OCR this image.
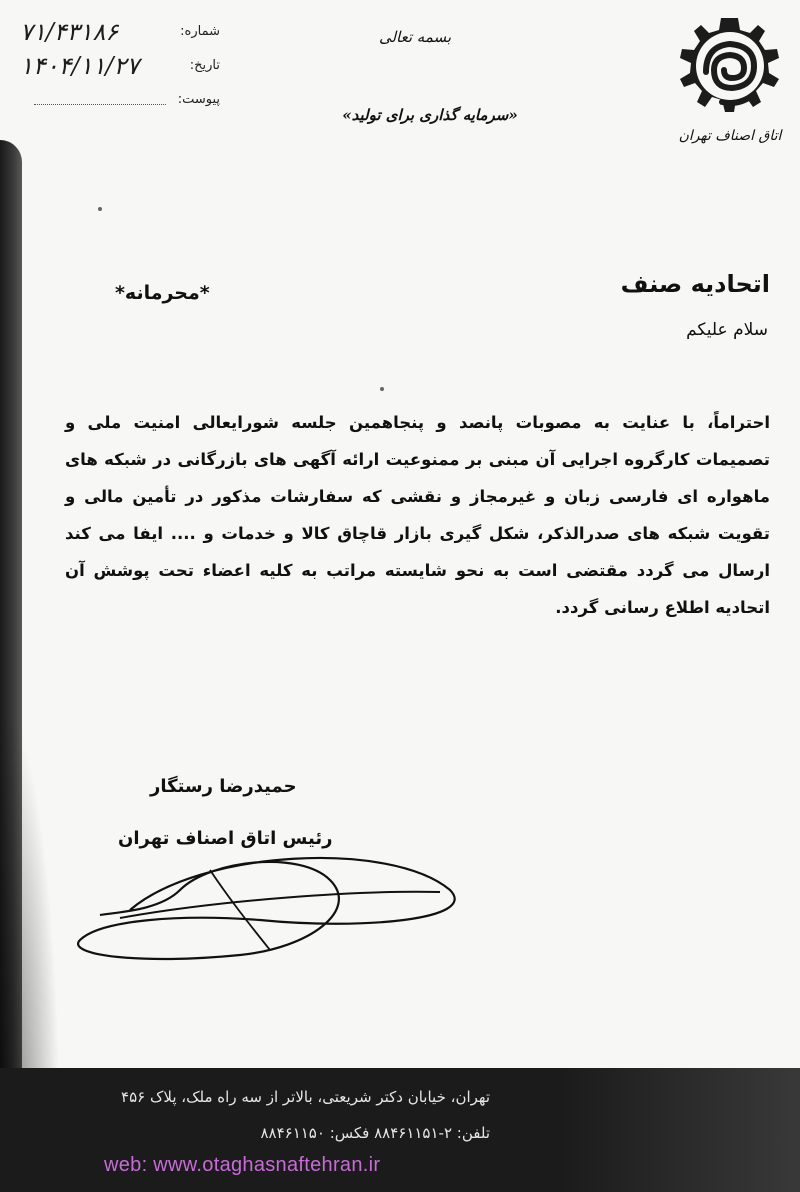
شماره:
۷۱/۴۳۱۸۶
تاریخ:
۱۴۰۴/۱۱/۲۷
پیوست:
بسمه تعالی
«سرمایه گذاری برای تولید»
اتاق اصناف تهران
اتحادیه صنف
*محرمانه*
سلام علیکم

احتراماً، با عنایت به مصوبات پانصد و پنجاهمین جلسه شورایعالی امنیت ملی و تصمیمات کارگروه اجرایی آن مبنی بر ممنوعیت ارائه آگهی های بازرگانی در شبکه های ماهواره ای فارسی زبان و غیرمجاز و نقشی که سفارشات مذکور در تأمین مالی و تقویت شبکه های صدرالذکر، شکل گیری بازار قاچاق کالا و خدمات و .... ایفا می کند ارسال می گردد مقتضی است به نحو شایسته مراتب به کلیه اعضاء تحت پوشش آن اتحادیه اطلاع رسانی گردد.

حمیدرضا رستگار
رئیس اتاق اصناف تهران
تهران، خیابان دکتر شریعتی، بالاتر از سه راه ملک، پلاک ۴۵۶
تلفن: ۲-۸۸۴۶۱۱۵۱ فکس: ۸۸۴۶۱۱۵۰
web: www.otaghasnaftehran.ir
